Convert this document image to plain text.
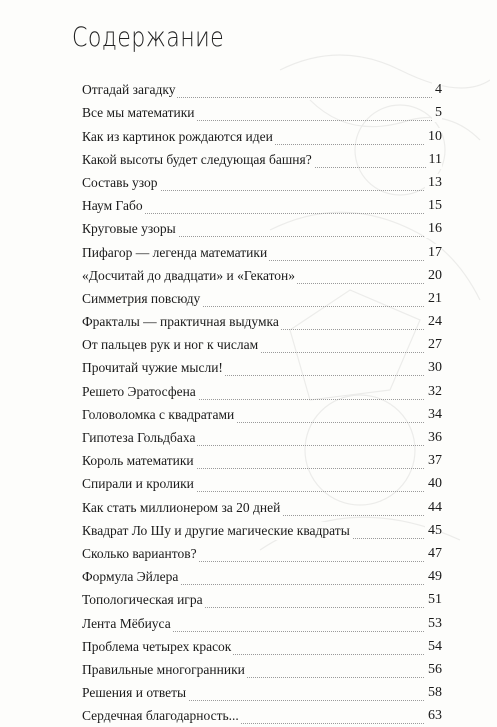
Содержание
Отгадай загадку	4
Все мы математики	5
Как из картинок рождаются идеи	10
Какой высоты будет следующая башня?	11
Составь узор	13
Наум Габо	15
Круговые узоры	16
Пифагор — легенда математики	17
«Досчитай до двадцати» и «Гекатон»	20
Симметрия повсюду	21
Фракталы — практичная выдумка	24
От пальцев рук и ног к числам	27
Прочитай чужие мысли!	30
Решето Эратосфена	32
Головоломка с квадратами	34
Гипотеза Гольдбаха	36
Король математики	37
Спирали и кролики	40
Как стать миллионером за 20 дней	44
Квадрат Ло Шу и другие магические квадраты	45
Сколько вариантов?	47
Формула Эйлера	49
Топологическая игра	51
Лента Мёбиуса	53
Проблема четырех красок	54
Правильные многогранники	56
Решения и ответы	58
Сердечная благодарность...	63
